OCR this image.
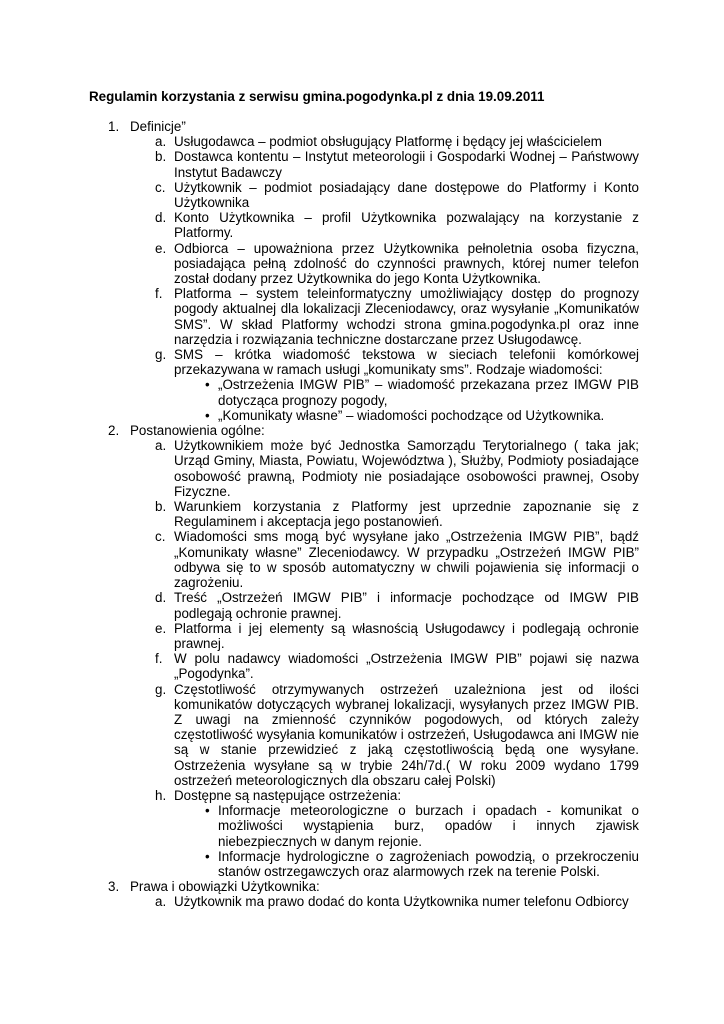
Regulamin korzystania z serwisu gmina.pogodynka.pl z dnia 19.09.2011
1. Definicje”
a. Usługodawca – podmiot obsługujący Platformę i będący jej właścicielem
b. Dostawca kontentu – Instytut meteorologii i Gospodarki Wodnej – Państwowy Instytut Badawczy
c. Użytkownik – podmiot posiadający dane dostępowe do Platformy i Konto Użytkownika
d. Konto Użytkownika – profil Użytkownika pozwalający na korzystanie z Platformy.
e. Odbiorca – upoważniona przez Użytkownika pełnoletnia osoba fizyczna, posiadająca pełną zdolność do czynności prawnych, której numer telefon został dodany przez Użytkownika do jego Konta Użytkownika.
f. Platforma – system teleinformatyczny umożliwiający dostęp do prognozy pogody aktualnej dla lokalizacji Zleceniodawcy, oraz wysyłanie „Komunikatów SMS”. W skład Platformy wchodzi strona gmina.pogodynka.pl oraz inne narzędzia i rozwiązania techniczne dostarczane przez Usługodawcę.
g. SMS – krótka wiadomość tekstowa w sieciach telefonii komórkowej przekazywana w ramach usługi „komunikaty sms”. Rodzaje wiadomości:
• „Ostrzeżenia IMGW PIB” – wiadomość przekazana przez IMGW PIB dotycząca prognozy pogody,
• „Komunikaty własne” – wiadomości pochodzące od Użytkownika.
2. Postanowienia ogólne:
a. Użytkownikiem może być Jednostka Samorządu Terytorialnego ( taka jak; Urząd Gminy, Miasta, Powiatu, Województwa ), Służby, Podmioty posiadające osobowość prawną, Podmioty nie posiadające osobowości prawnej, Osoby Fizyczne.
b. Warunkiem korzystania z Platformy jest uprzednie zapoznanie się z Regulaminem i akceptacja jego postanowień.
c. Wiadomości sms mogą być wysyłane jako „Ostrzeżenia IMGW PIB”, bądź „Komunikaty własne” Zleceniodawcy. W przypadku „Ostrzeżeń IMGW PIB” odbywa się to w sposób automatyczny w chwili pojawienia się informacji o zagrożeniu.
d. Treść „Ostrzeżeń IMGW PIB” i informacje pochodzące od IMGW PIB podlegają ochronie prawnej.
e. Platforma i jej elementy są własnością Usługodawcy i podlegają ochronie prawnej.
f. W polu nadawcy wiadomości „Ostrzeżenia IMGW PIB” pojawi się nazwa „Pogodynka”.
g. Częstotliwość otrzymywanych ostrzeżeń uzależniona jest od ilości komunikatów dotyczących wybranej lokalizacji, wysyłanych przez IMGW PIB. Z uwagi na zmienność czynników pogodowych, od których zależy częstotliwość wysyłania komunikatów i ostrzeżeń, Usługodawca ani IMGW nie są w stanie przewidzieć z jaką częstotliwością będą one wysyłane. Ostrzeżenia wysyłane są w trybie 24h/7d.( W roku 2009 wydano 1799 ostrzeżeń meteorologicznych dla obszaru całej Polski)
h. Dostępne są następujące ostrzeżenia:
• Informacje meteorologiczne o burzach i opadach - komunikat o możliwości wystąpienia burz, opadów i innych zjawisk niebezpiecznych w danym rejonie.
• Informacje hydrologiczne o zagrożeniach powodzią, o przekroczeniu stanów ostrzegawczych oraz alarmowych rzek na terenie Polski.
3. Prawa i obowiązki Użytkownika:
a. Użytkownik ma prawo dodać do konta Użytkownika numer telefonu Odbiorcy
